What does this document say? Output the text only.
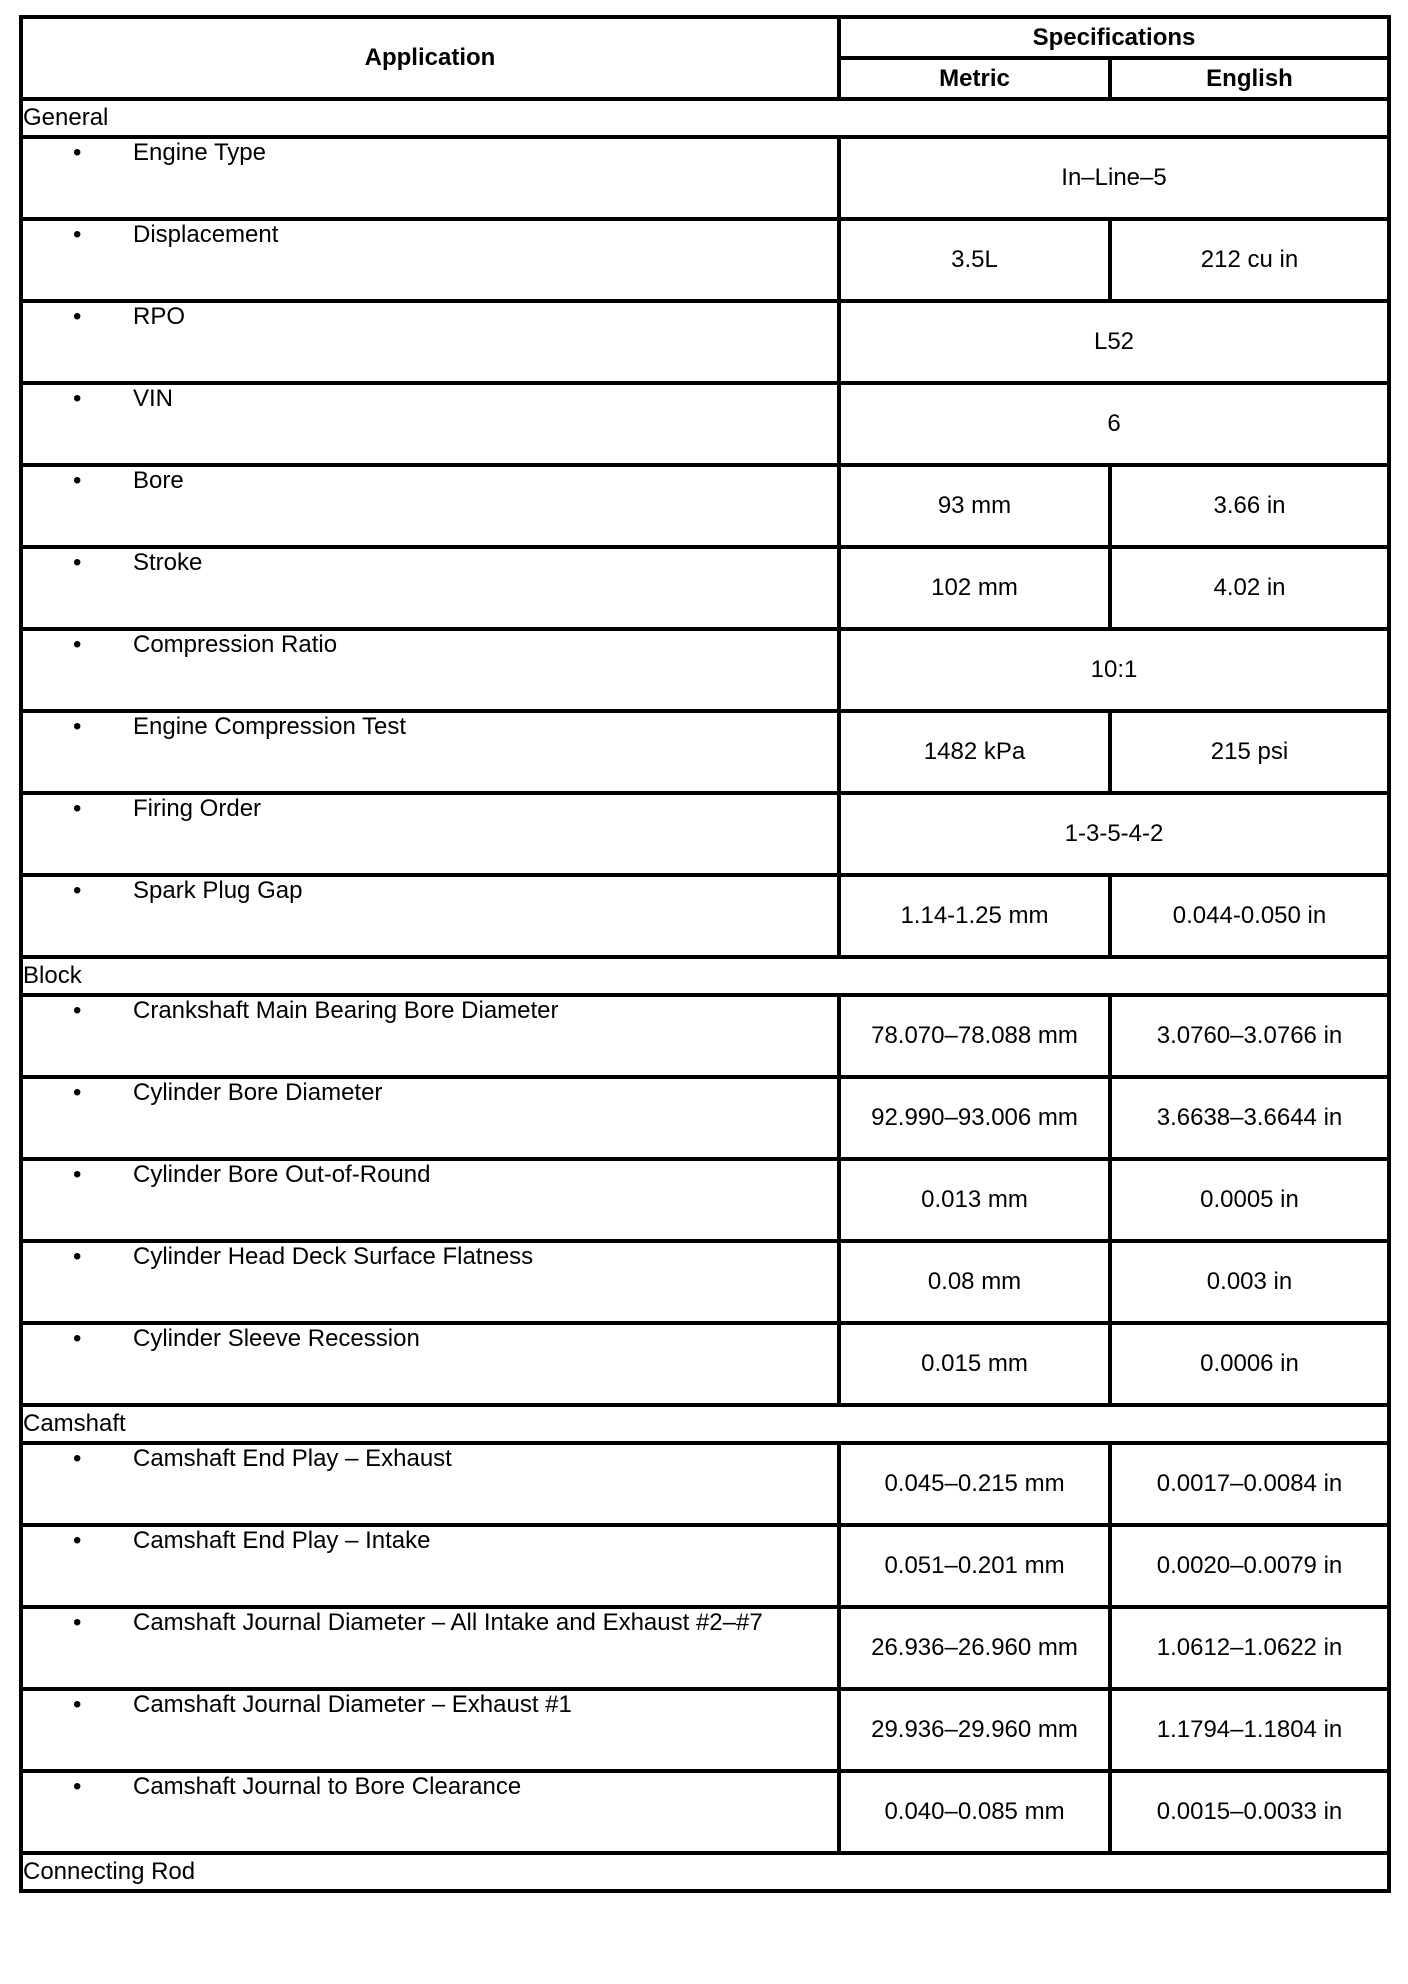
Application	Specifications	
	Metric	English
General		

• Engine Type	In–Line–5	

• Displacement	3.5L	212 cu in

• RPO	L52	

• VIN	6	

• Bore	93 mm	3.66 in

• Stroke	102 mm	4.02 in

• Compression Ratio	10:1	

• Engine Compression Test	1482 kPa	215 psi

• Firing Order	1-3-5-4-2	

• Spark Plug Gap	1.14-1.25 mm	0.044-0.050 in
Block		

• Crankshaft Main Bearing Bore Diameter	78.070–78.088 mm	3.0760–3.0766 in

• Cylinder Bore Diameter	92.990–93.006 mm	3.6638–3.6644 in

• Cylinder Bore Out-of-Round	0.013 mm	0.0005 in

• Cylinder Head Deck Surface Flatness	0.08 mm	0.003 in

• Cylinder Sleeve Recession	0.015 mm	0.0006 in
Camshaft		

• Camshaft End Play – Exhaust	0.045–0.215 mm	0.0017–0.0084 in

• Camshaft End Play – Intake	0.051–0.201 mm	0.0020–0.0079 in

• Camshaft Journal Diameter – All Intake and Exhaust #2–#7	26.936–26.960 mm	1.0612–1.0622 in

• Camshaft Journal Diameter – Exhaust #1	29.936–29.960 mm	1.1794–1.1804 in

• Camshaft Journal to Bore Clearance	0.040–0.085 mm	0.0015–0.0033 in
Connecting Rod		
